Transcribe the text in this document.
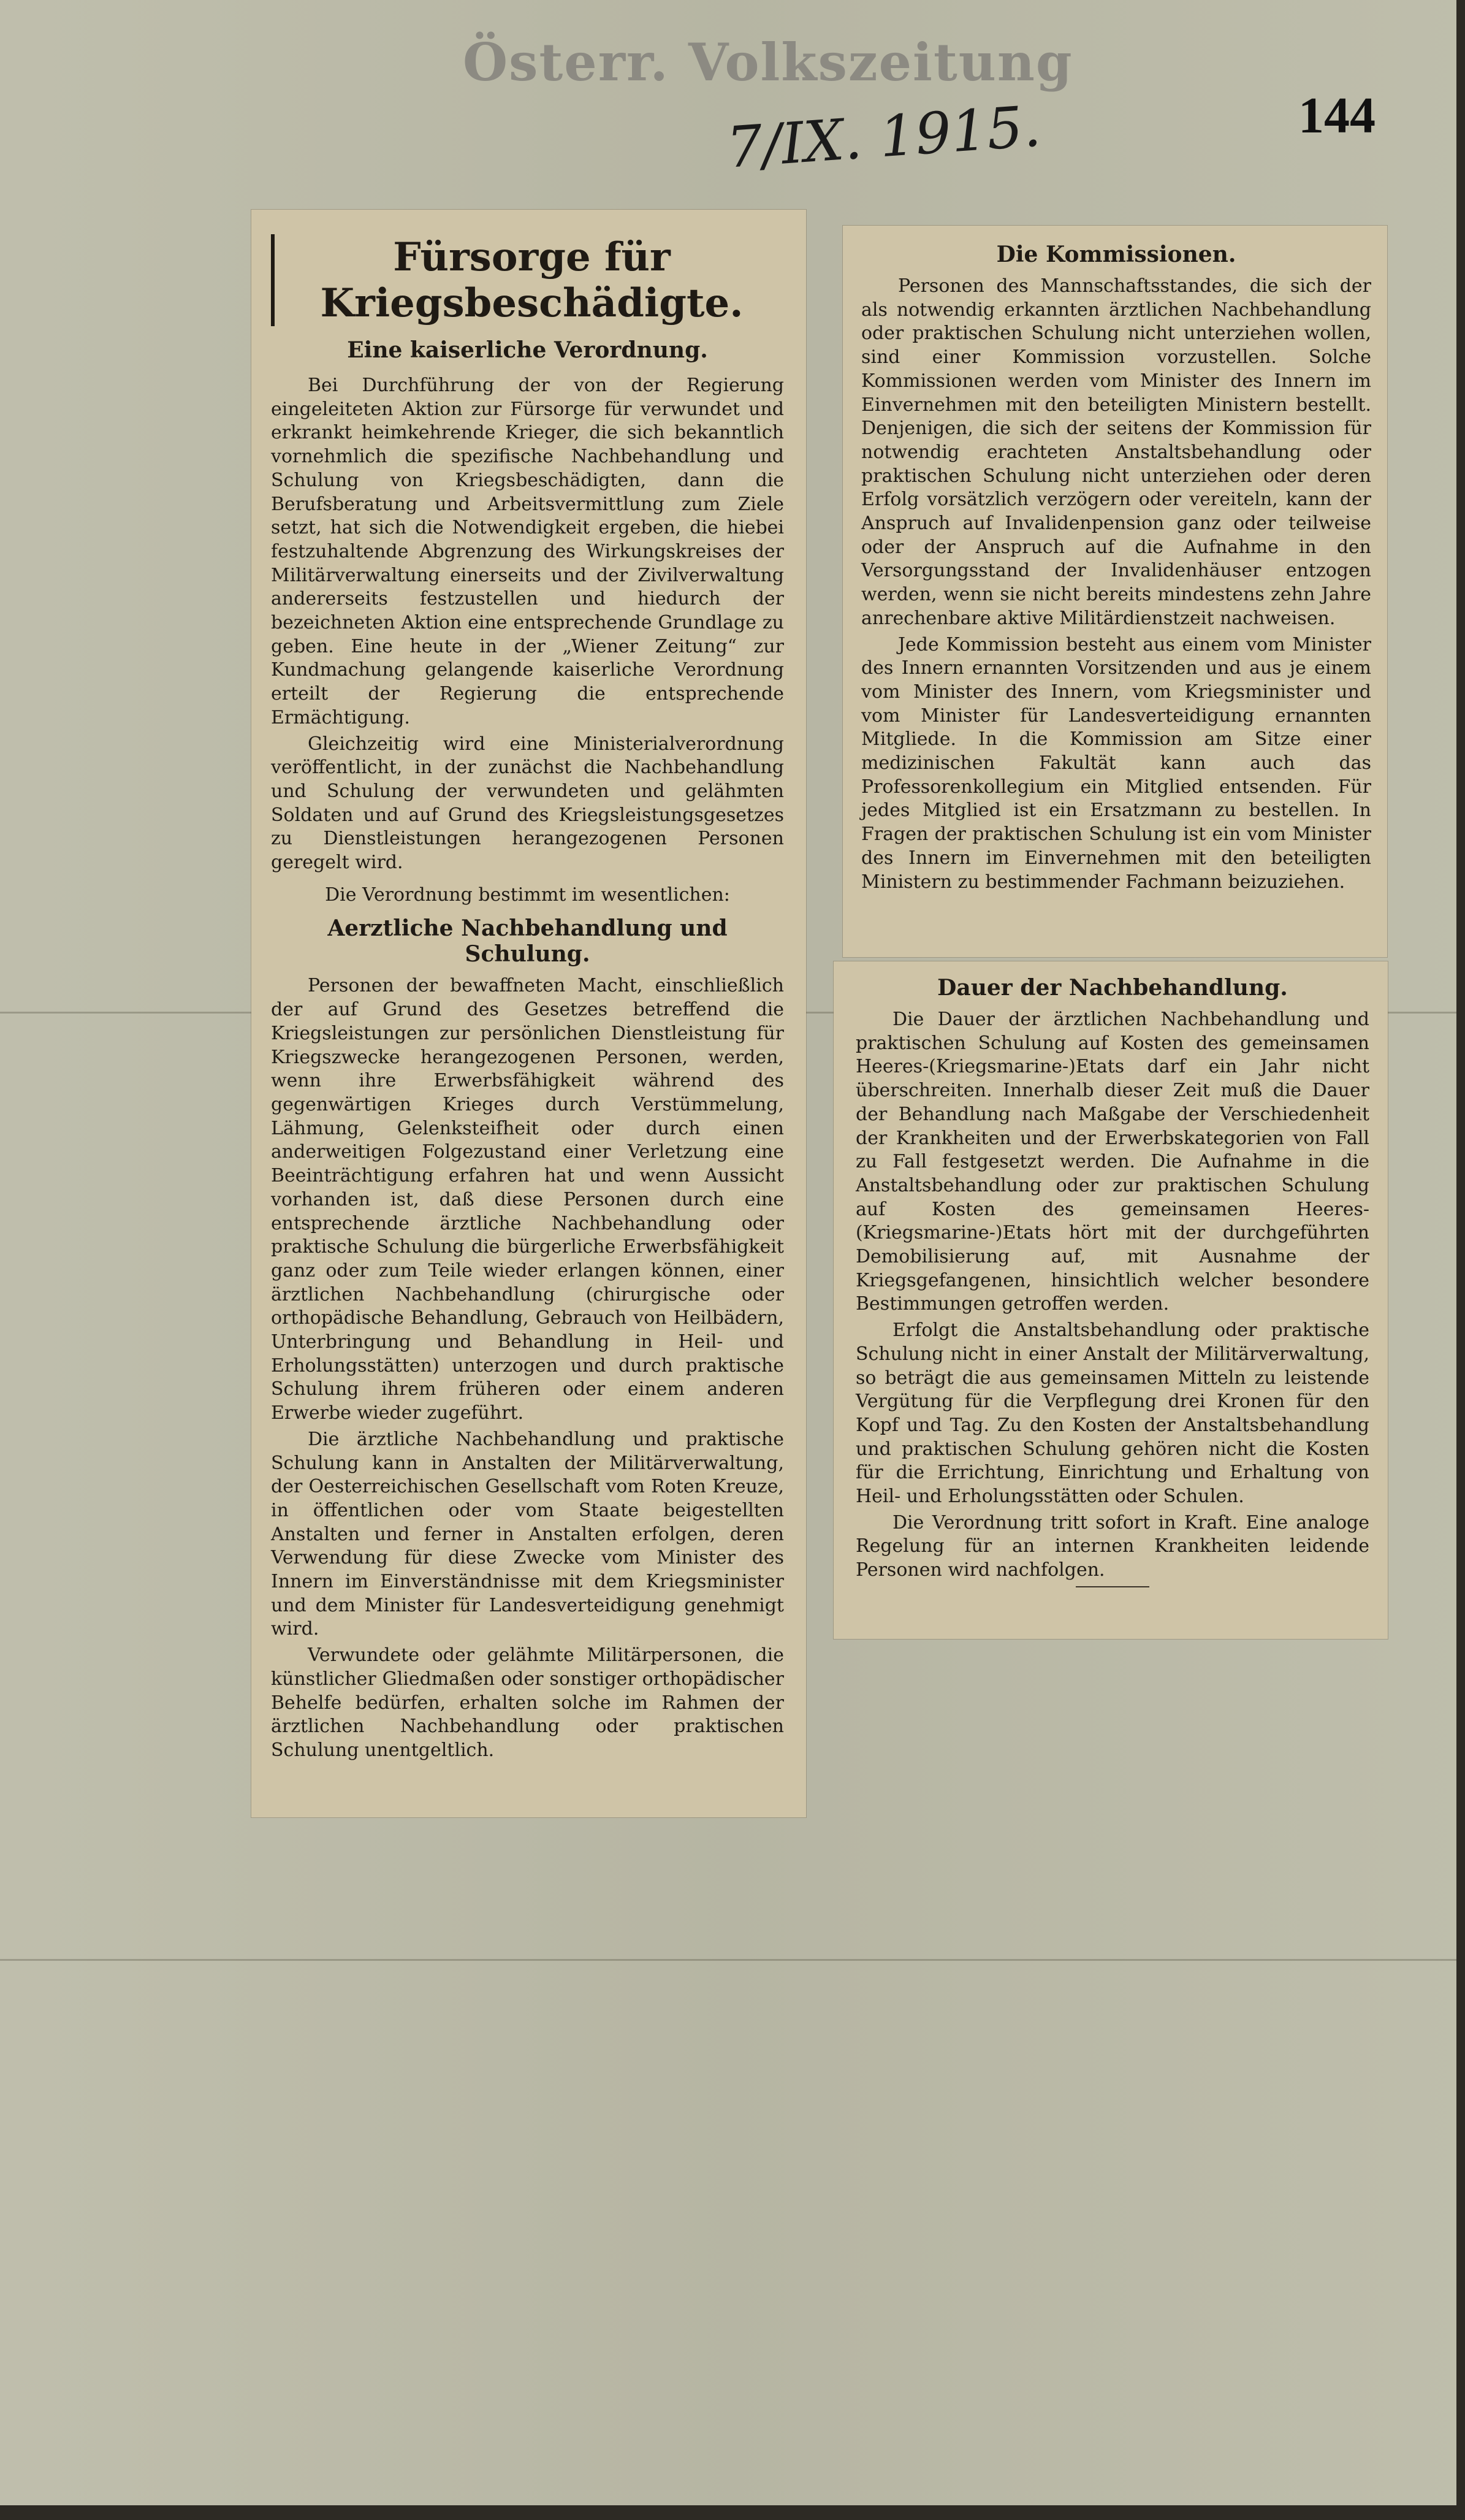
Österr. Volkszeitung
7/IX. 1915.	144
Fürsorge für Kriegsbeschädigte.
Eine kaiserliche Verordnung.

Bei Durchführung der von der Regierung eingeleiteten Aktion zur Fürsorge für verwundet und erkrankt heimkehrende Krieger, die sich bekanntlich vornehmlich die spezifische Nachbehandlung und Schulung von Kriegsbeschädigten, dann die Berufsberatung und Arbeitsvermittlung zum Ziele setzt, hat sich die Notwendigkeit ergeben, die hiebei festzuhaltende Abgrenzung des Wirkungskreises der Militärverwaltung einerseits und der Zivilverwaltung andererseits festzustellen und hiedurch der bezeichneten Aktion eine entsprechende Grundlage zu geben. Eine heute in der „Wiener Zeitung“ zur Kundmachung gelangende kaiserliche Verordnung erteilt der Regierung die entsprechende Ermächtigung.

Gleichzeitig wird eine Ministerialverordnung veröffentlicht, in der zunächst die Nachbehandlung und Schulung der verwundeten und gelähmten Soldaten und auf Grund des Kriegsleistungsgesetzes zu Dienstleistungen herangezogenen Personen geregelt wird.

Die Verordnung bestimmt im wesentlichen:

Aerztliche Nachbehandlung und Schulung.

Personen der bewaffneten Macht, einschließlich der auf Grund des Gesetzes betreffend die Kriegsleistungen zur persönlichen Dienstleistung für Kriegszwecke herangezogenen Personen, werden, wenn ihre Erwerbsfähigkeit während des gegenwärtigen Krieges durch Verstümmelung, Lähmung, Gelenksteifheit oder durch einen anderweitigen Folgezustand einer Verletzung eine Beeinträchtigung erfahren hat und wenn Aussicht vorhanden ist, daß diese Personen durch eine entsprechende ärztliche Nachbehandlung oder praktische Schulung die bürgerliche Erwerbsfähigkeit ganz oder zum Teile wieder erlangen können, einer ärztlichen Nachbehandlung (chirurgische oder orthopädische Behandlung, Gebrauch von Heilbädern, Unterbringung und Behandlung in Heil- und Erholungsstätten) unterzogen und durch praktische Schulung ihrem früheren oder einem anderen Erwerbe wieder zugeführt.

Die ärztliche Nachbehandlung und praktische Schulung kann in Anstalten der Militärverwaltung, der Oesterreichischen Gesellschaft vom Roten Kreuze, in öffentlichen oder vom Staate beigestellten Anstalten und ferner in Anstalten erfolgen, deren Verwendung für diese Zwecke vom Minister des Innern im Einverständnisse mit dem Kriegsminister und dem Minister für Landesverteidigung genehmigt wird.

Verwundete oder gelähmte Militärpersonen, die künstlicher Gliedmaßen oder sonstiger orthopädischer Behelfe bedürfen, erhalten solche im Rahmen der ärztlichen Nachbehandlung oder praktischen Schulung unentgeltlich.

Die Kommissionen.

Personen des Mannschaftsstandes, die sich der als notwendig erkannten ärztlichen Nachbehandlung oder praktischen Schulung nicht unterziehen wollen, sind einer Kommission vorzustellen. Solche Kommissionen werden vom Minister des Innern im Einvernehmen mit den beteiligten Ministern bestellt. Denjenigen, die sich der seitens der Kommission für notwendig erachteten Anstaltsbehandlung oder praktischen Schulung nicht unterziehen oder deren Erfolg vorsätzlich verzögern oder vereiteln, kann der Anspruch auf Invalidenpension ganz oder teilweise oder der Anspruch auf die Aufnahme in den Versorgungsstand der Invalidenhäuser entzogen werden, wenn sie nicht bereits mindestens zehn Jahre anrechenbare aktive Militärdienstzeit nachweisen.

Jede Kommission besteht aus einem vom Minister des Innern ernannten Vorsitzenden und aus je einem vom Minister des Innern, vom Kriegsminister und vom Minister für Landesverteidigung ernannten Mitgliede. In die Kommission am Sitze einer medizinischen Fakultät kann auch das Professorenkollegium ein Mitglied entsenden. Für jedes Mitglied ist ein Ersatzmann zu bestellen. In Fragen der praktischen Schulung ist ein vom Minister des Innern im Einvernehmen mit den beteiligten Ministern zu bestimmender Fachmann beizuziehen.

Dauer der Nachbehandlung.

Die Dauer der ärztlichen Nachbehandlung und praktischen Schulung auf Kosten des gemeinsamen Heeres-(Kriegsmarine-)Etats darf ein Jahr nicht überschreiten. Innerhalb dieser Zeit muß die Dauer der Behandlung nach Maßgabe der Verschiedenheit der Krankheiten und der Erwerbskategorien von Fall zu Fall festgesetzt werden. Die Aufnahme in die Anstaltsbehandlung oder zur praktischen Schulung auf Kosten des gemeinsamen Heeres-(Kriegsmarine-)Etats hört mit der durchgeführten Demobilisierung auf, mit Ausnahme der Kriegsgefangenen, hinsichtlich welcher besondere Bestimmungen getroffen werden.

Erfolgt die Anstaltsbehandlung oder praktische Schulung nicht in einer Anstalt der Militärverwaltung, so beträgt die aus gemeinsamen Mitteln zu leistende Vergütung für die Verpflegung drei Kronen für den Kopf und Tag. Zu den Kosten der Anstaltsbehandlung und praktischen Schulung gehören nicht die Kosten für die Errichtung, Einrichtung und Erhaltung von Heil- und Erholungsstätten oder Schulen.

Die Verordnung tritt sofort in Kraft. Eine analoge Regelung für an internen Krankheiten leidende Personen wird nachfolgen.
